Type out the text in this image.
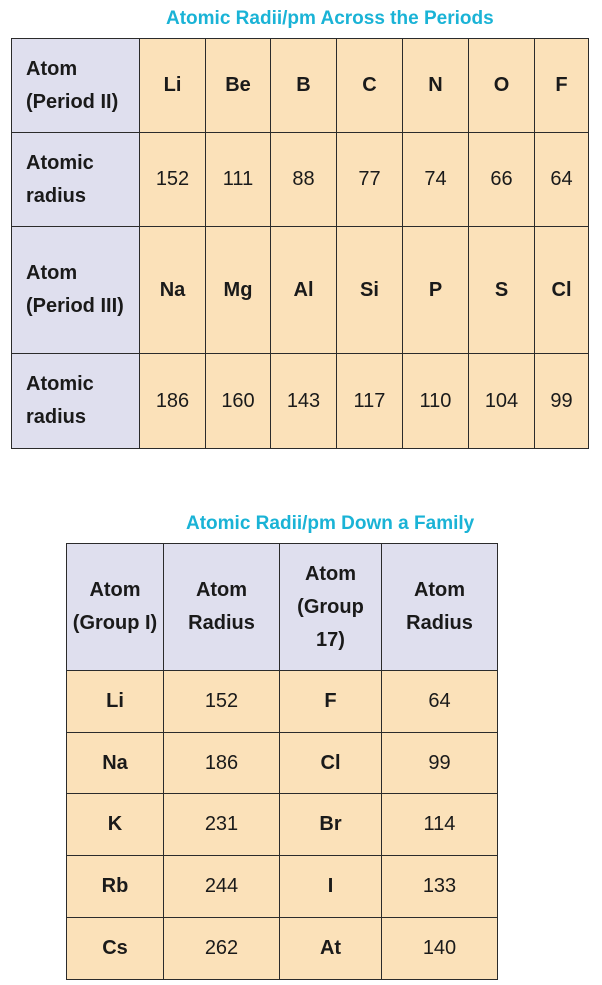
Atomic Radii/pm Across the Periods
Atom (Period II)	Li	Be	B	C	N	O	F
Atomic radius	152	111	88	77	74	66	64
Atom (Period III)	Na	Mg	Al	Si	P	S	Cl
Atomic radius	186	160	143	117	110	104	99
Atomic Radii/pm Down a Family
Atom (Group I)	Atom Radius	Atom (Group 17)	Atom Radius
Li	152	F	64
Na	186	Cl	99
K	231	Br	114
Rb	244	I	133
Cs	262	At	140
